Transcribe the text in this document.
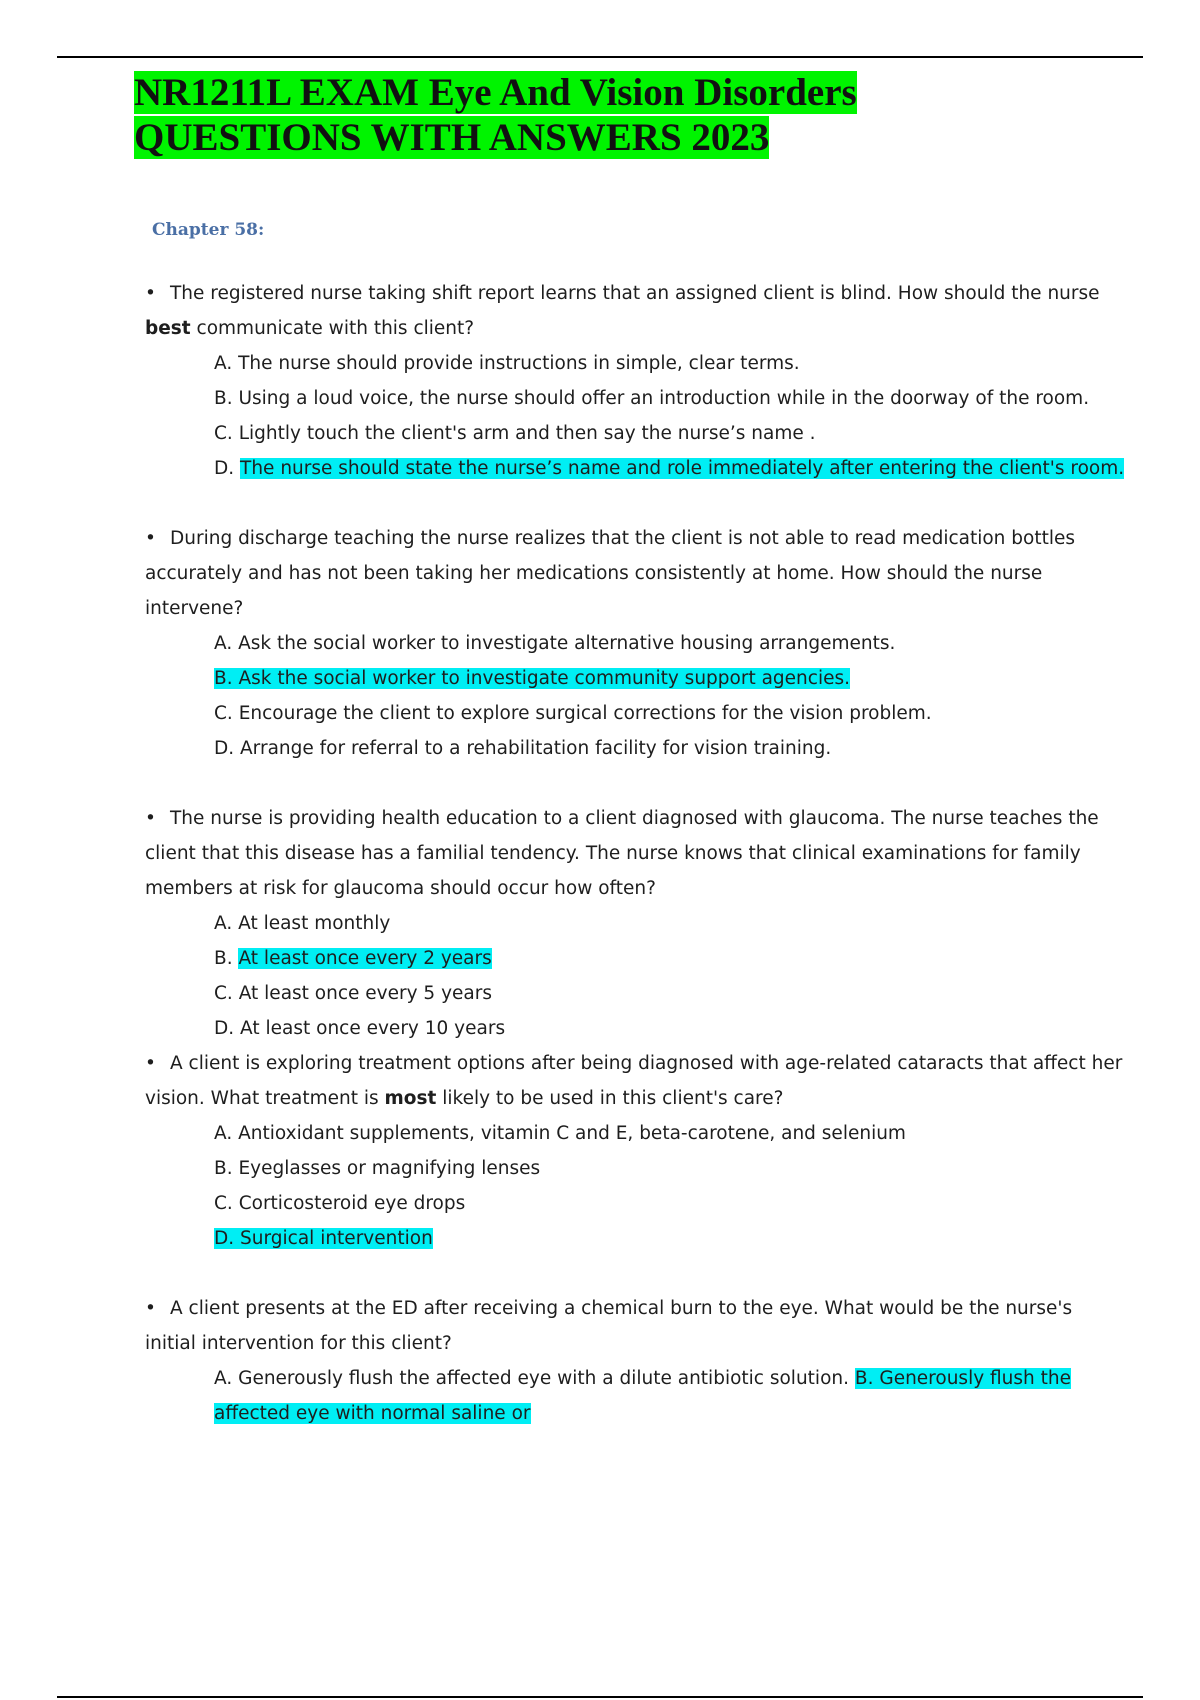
NR1211L EXAM Eye And Vision Disorders QUESTIONS WITH ANSWERS 2023

Chapter 58:

• The registered nurse taking shift report learns that an assigned client is blind. How should the nurse best communicate with this client?

A. The nurse should provide instructions in simple, clear terms.
B. Using a loud voice, the nurse should offer an introduction while in the doorway of the room.
C. Lightly touch the client's arm and then say the nurse’s name .
D. The nurse should state the nurse’s name and role immediately after entering the client's room.

• During discharge teaching the nurse realizes that the client is not able to read medication bottles accurately and has not been taking her medications consistently at home. How should the nurse intervene?

A. Ask the social worker to investigate alternative housing arrangements.
B. Ask the social worker to investigate community support agencies.
C. Encourage the client to explore surgical corrections for the vision problem.
D. Arrange for referral to a rehabilitation facility for vision training.

• The nurse is providing health education to a client diagnosed with glaucoma. The nurse teaches the client that this disease has a familial tendency. The nurse knows that clinical examinations for family members at risk for glaucoma should occur how often?

A. At least monthly
B. At least once every 2 years
C. At least once every 5 years
D. At least once every 10 years

• A client is exploring treatment options after being diagnosed with age-related cataracts that affect her vision. What treatment is most likely to be used in this client's care?

A. Antioxidant supplements, vitamin C and E, beta-carotene, and selenium
B. Eyeglasses or magnifying lenses
C. Corticosteroid eye drops
D. Surgical intervention

• A client presents at the ED after receiving a chemical burn to the eye. What would be the nurse's initial intervention for this client?

A. Generously flush the affected eye with a dilute antibiotic solution. B. Generously flush the affected eye with normal saline or
